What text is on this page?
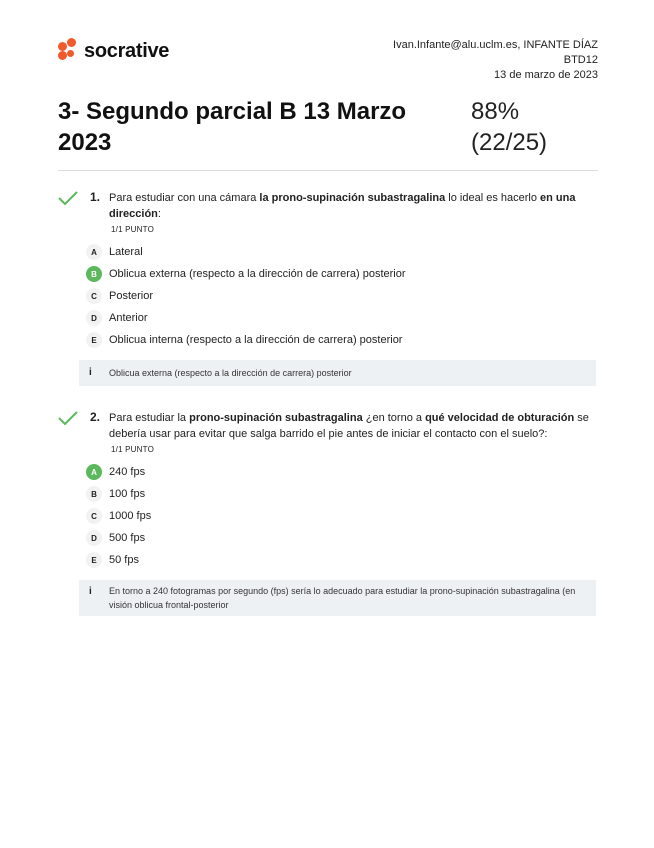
socrative	Ivan.Infante@alu.uclm.es, INFANTE DÍAZ
BTD12
13 de marzo de 2023
3- Segundo parcial B 13 Marzo
2023
88%
(22/25)
1. Para estudiar con una cámara la prono-supinación subastragalina lo ideal es hacerlo en una dirección:
1/1 PUNTO
A	Lateral
B	Oblicua externa (respecto a la dirección de carrera) posterior
C	Posterior
D	Anterior
E	Oblicua interna (respecto a la dirección de carrera) posterior
i Oblicua externa (respecto a la dirección de carrera) posterior
2. Para estudiar la prono-supinación subastragalina ¿en torno a qué velocidad de obturación se debería usar para evitar que salga barrido el pie antes de iniciar el contacto con el suelo?:
1/1 PUNTO
A	240 fps
B	100 fps
C	1000 fps
D	500 fps
E	50 fps
i En torno a 240 fotogramas por segundo (fps) sería lo adecuado para estudiar la prono-supinación subastragalina (en visión oblicua frontal-posterior
